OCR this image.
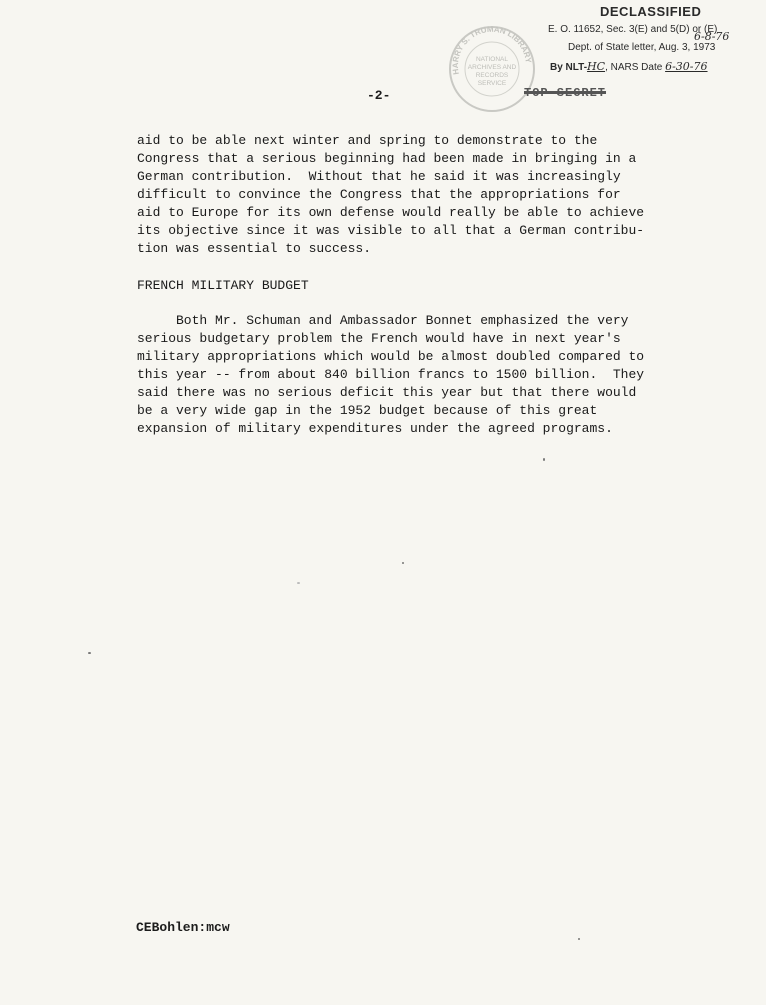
DECLASSIFIED
E. O. 11652, Sec. 3(E) and 5(D) or (E)
Dept. of State letter, Aug. 3, 1973
6-8-76
By NLT-HC, NARS Date 6-30-76
HARRY S. TRUMAN LIBRARY
NATIONAL
ARCHIVES AND
RECORDS
SERVICE
-2-	TOP SECRET
aid to be able next winter and spring to demonstrate to the
Congress that a serious beginning had been made in bringing in a
German contribution.  Without that he said it was increasingly
difficult to convince the Congress that the appropriations for
aid to Europe for its own defense would really be able to achieve
its objective since it was visible to all that a German contribu-
tion was essential to success.
FRENCH MILITARY BUDGET
Both Mr. Schuman and Ambassador Bonnet emphasized the very
serious budgetary problem the French would have in next year's
military appropriations which would be almost doubled compared to
this year -- from about 840 billion francs to 1500 billion.  They
said there was no serious deficit this year but that there would
be a very wide gap in the 1952 budget because of this great
expansion of military expenditures under the agreed programs.
CEBohlen:mcw
